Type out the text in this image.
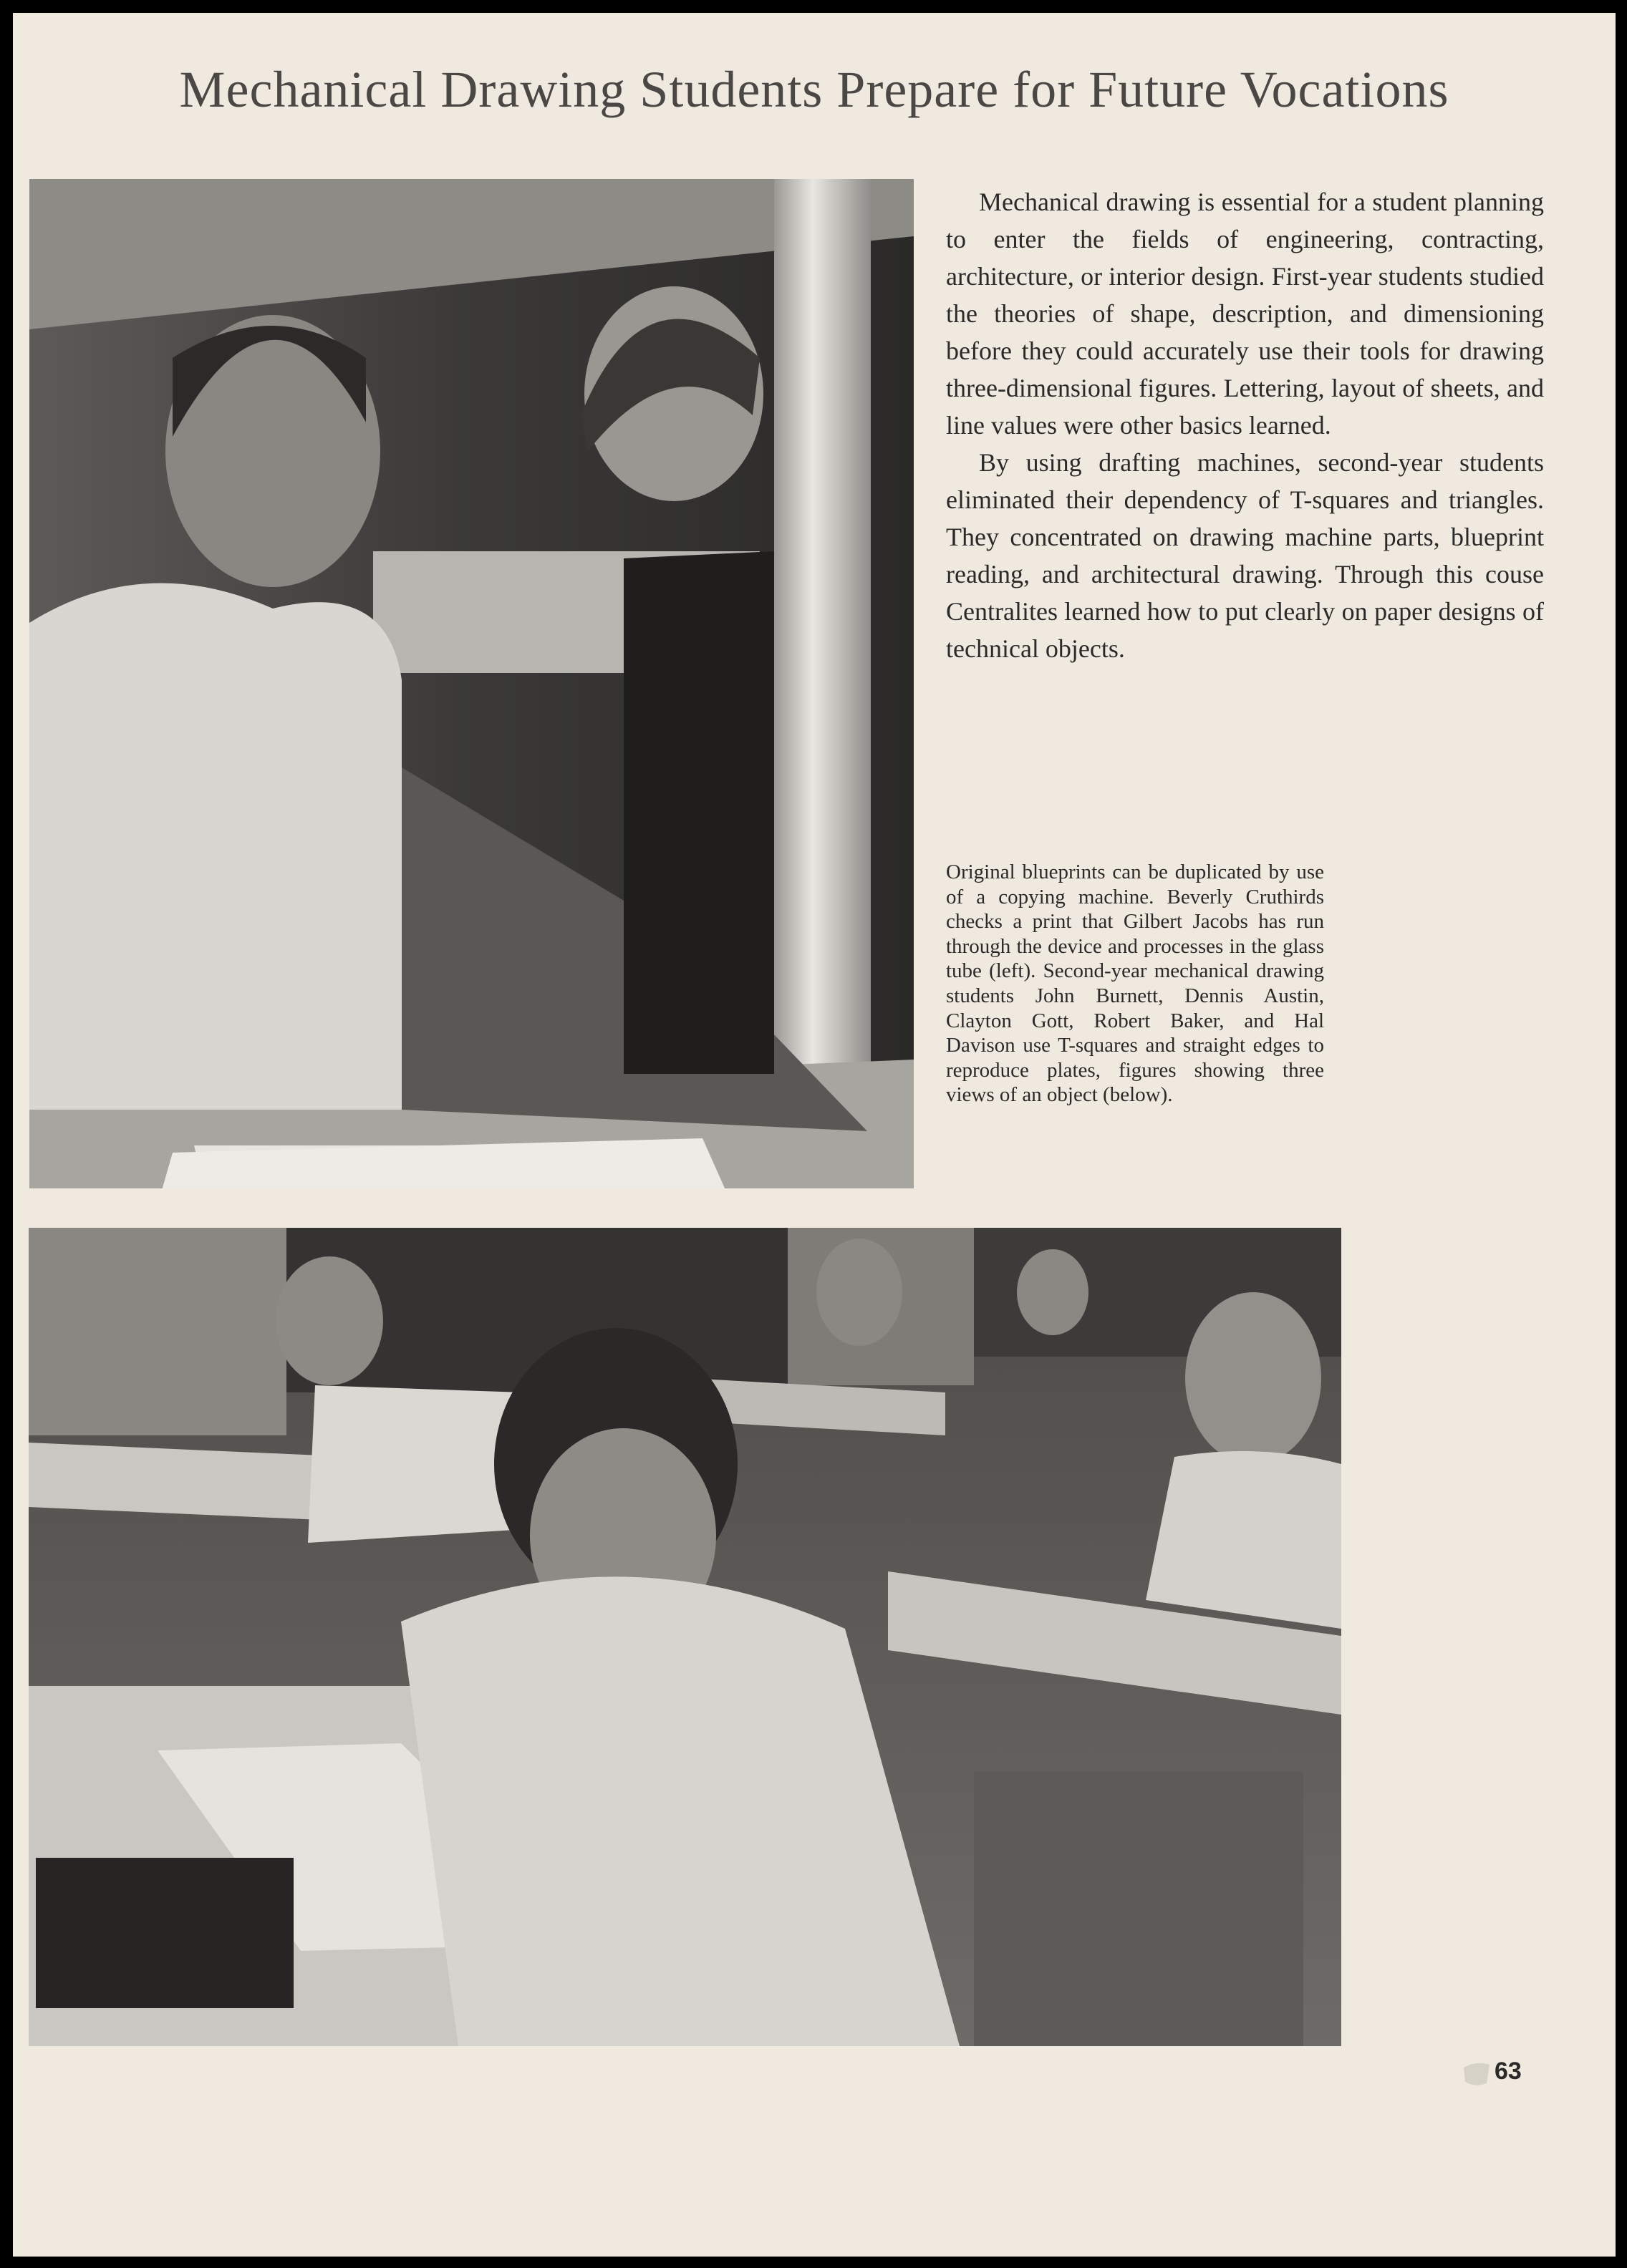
Mechanical Drawing Students Prepare for Future Vocations

Mechanical drawing is essential for a student planning to enter the fields of engineering, contracting, architecture, or interior design. First-year students studied the theories of shape, description, and dimensioning before they could accurately use their tools for drawing three-dimensional figures. Lettering, layout of sheets, and line values were other basics learned.

By using drafting machines, second-year students eliminated their dependency of T-squares and triangles. They concentrated on drawing machine parts, blueprint reading, and architectural drawing. Through this couse Centralites learned how to put clearly on paper designs of technical objects.

Original blueprints can be duplicated by use of a copying machine. Beverly Cruthirds checks a print that Gilbert Jacobs has run through the device and processes in the glass tube (left). Second-year mechanical drawing students John Burnett, Dennis Austin, Clayton Gott, Robert Baker, and Hal Davison use T-squares and straight edges to reproduce plates, figures showing three views of an object (below).
63
